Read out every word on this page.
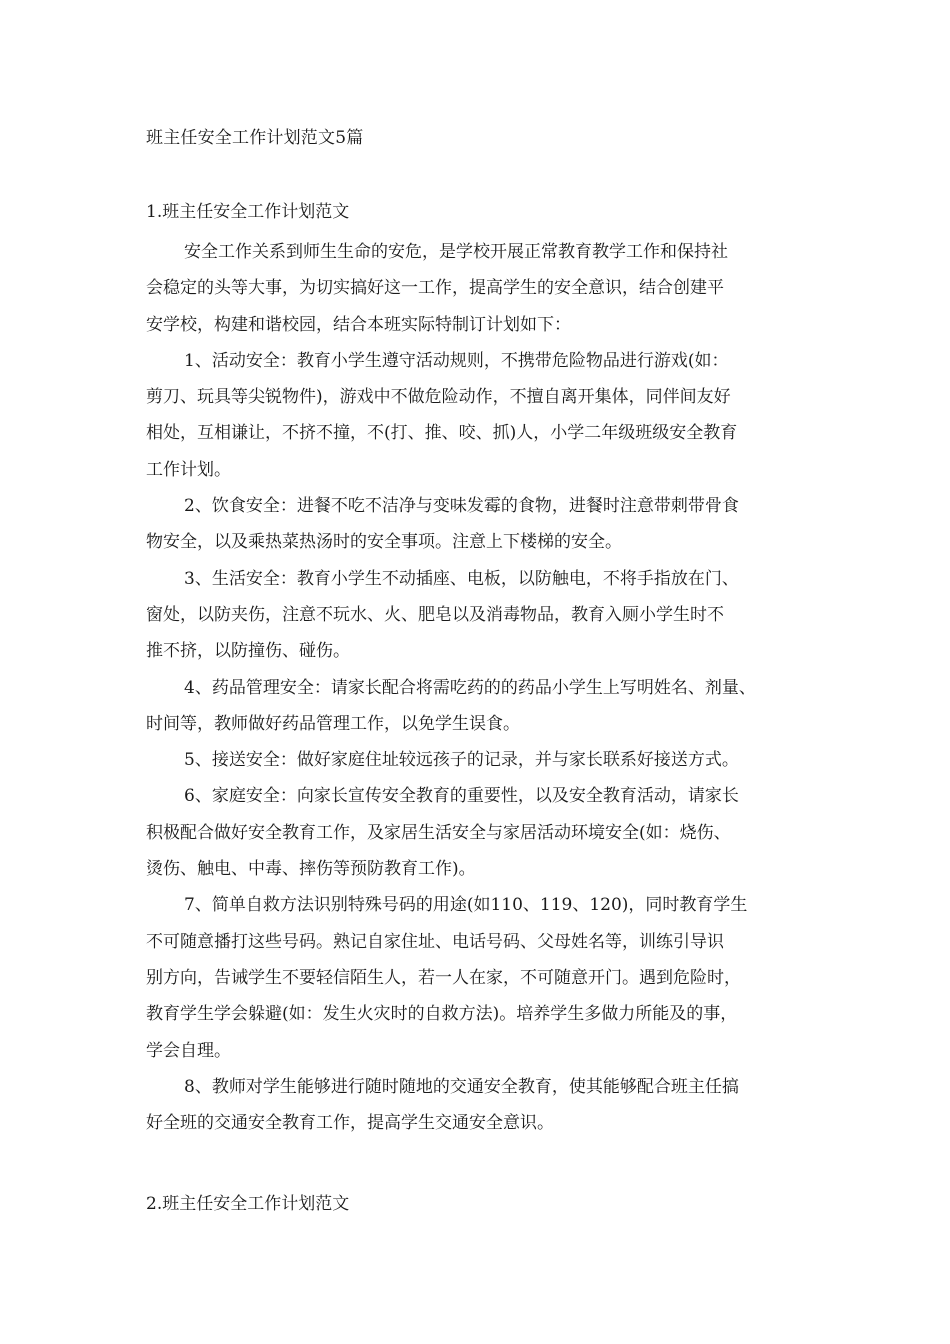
班主任安全工作计划范文5篇
1.班主任安全工作计划范文
安全工作关系到师生生命的安危，是学校开展正常教育教学工作和保持社
会稳定的头等大事，为切实搞好这一工作，提高学生的安全意识，结合创建平
安学校，构建和谐校园，结合本班实际特制订计划如下：
1、活动安全：教育小学生遵守活动规则，不携带危险物品进行游戏(如：
剪刀、玩具等尖锐物件)，游戏中不做危险动作，不擅自离开集体，同伴间友好
相处，互相谦让，不挤不撞，不(打、推、咬、抓)人，小学二年级班级安全教育
工作计划。
2、饮食安全：进餐不吃不洁净与变味发霉的食物，进餐时注意带刺带骨食
物安全，以及乘热菜热汤时的安全事项。注意上下楼梯的安全。
3、生活安全：教育小学生不动插座、电板，以防触电，不将手指放在门、
窗处，以防夹伤，注意不玩水、火、肥皂以及消毒物品，教育入厕小学生时不
推不挤，以防撞伤、碰伤。
4、药品管理安全：请家长配合将需吃药的的药品小学生上写明姓名、剂量、
时间等，教师做好药品管理工作，以免学生误食。
5、接送安全：做好家庭住址较远孩子的记录，并与家长联系好接送方式。
6、家庭安全：向家长宣传安全教育的重要性，以及安全教育活动，请家长
积极配合做好安全教育工作，及家居生活安全与家居活动环境安全(如：烧伤、
烫伤、触电、中毒、摔伤等预防教育工作)。
7、简单自救方法识别特殊号码的用途(如110、119、120)，同时教育学生
不可随意播打这些号码。熟记自家住址、电话号码、父母姓名等，训练引导识
别方向，告诫学生不要轻信陌生人，若一人在家，不可随意开门。遇到危险时，
教育学生学会躲避(如：发生火灾时的自救方法)。培养学生多做力所能及的事，
学会自理。
8、教师对学生能够进行随时随地的交通安全教育，使其能够配合班主任搞
好全班的交通安全教育工作，提高学生交通安全意识。
2.班主任安全工作计划范文
